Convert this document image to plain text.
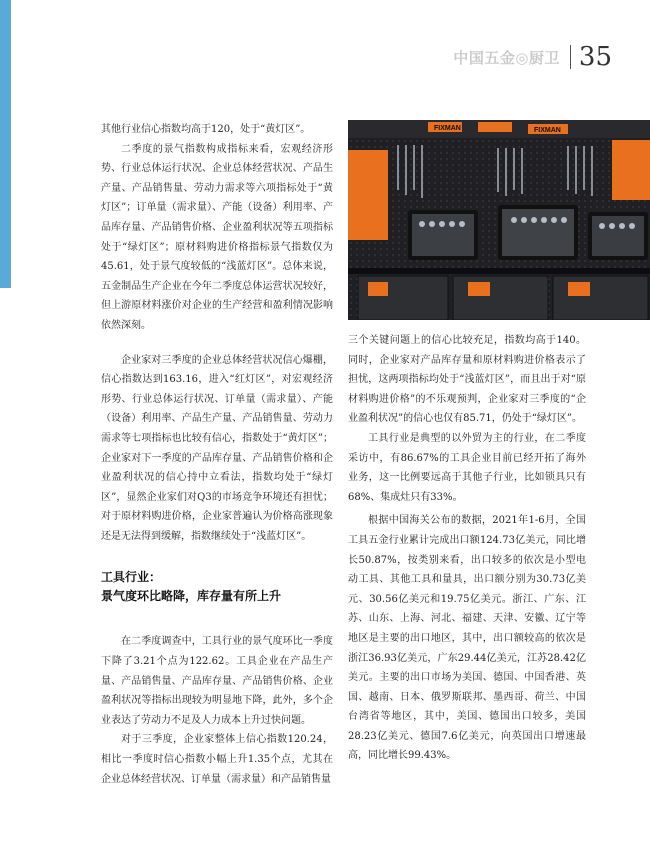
中国五金◎厨卫 35

其他行业信心指数均高于120，处于“黄灯区”。

二季度的景气指数构成指标来看，宏观经济形势、行业总体运行状况、企业总体经营状况、产品生产量、产品销售量、劳动力需求等六项指标处于“黄灯区”；订单量（需求量）、产能（设备）利用率、产品库存量、产品销售价格、企业盈利状况等五项指标处于“绿灯区”；原材料购进价格指标景气指数仅为45.61，处于景气度较低的“浅蓝灯区”。总体来说，五金制品生产企业在今年二季度总体运营状况较好，但上游原材料涨价对企业的生产经营和盈利情况影响依然深刻。

企业家对三季度的企业总体经营状况信心爆棚，信心指数达到163.16，进入“红灯区”，对宏观经济形势、行业总体运行状况、订单量（需求量）、产能（设备）利用率、产品生产量、产品销售量、劳动力需求等七项指标也比较有信心，指数处于“黄灯区”；企业家对下一季度的产品库存量、产品销售价格和企业盈利状况的信心持中立看法，指数均处于“绿灯区”，显然企业家们对Q3的市场竞争环境还有担忧；对于原材料购进价格，企业家普遍认为价格高涨现象还是无法得到缓解，指数继续处于“浅蓝灯区”。

工具行业：
景气度环比略降，库存量有所上升

在二季度调查中，工具行业的景气度环比一季度下降了3.21个点为122.62。工具企业在产品生产量、产品销售量、产品库存量、产品销售价格、企业盈利状况等指标出现较为明显地下降，此外，多个企业表达了劳动力不足及人力成本上升过快问题。

对于三季度，企业家整体上信心指数120.24，相比一季度时信心指数小幅上升1.35个点，尤其在企业总体经营状况、订单量（需求量）和产品销售量

FIXMAN	FIXMAN

三个关键问题上的信心比较充足，指数均高于140。同时，企业家对产品库存量和原材料购进价格表示了担忧，这两项指标均处于“浅蓝灯区”，而且出于对“原材料购进价格”的不乐观预判，企业家对三季度的“企业盈利状况”的信心也仅有85.71，仍处于“绿灯区”。

工具行业是典型的以外贸为主的行业，在二季度采访中，有86.67%的工具企业目前已经开拓了海外业务，这一比例要远高于其他子行业，比如锁具只有68%、集成灶只有33%。

根据中国海关公布的数据，2021年1-6月，全国工具五金行业累计完成出口额124.73亿美元，同比增长50.87%，按类别来看，出口较多的依次是小型电动工具、其他工具和量具，出口额分别为30.73亿美元、30.56亿美元和19.75亿美元。浙江、广东、江苏、山东、上海、河北、福建、天津、安徽、辽宁等地区是主要的出口地区，其中，出口额较高的依次是浙江36.93亿美元，广东29.44亿美元，江苏28.42亿美元。主要的出口市场为美国、德国、中国香港、英国、越南、日本、俄罗斯联邦、墨西哥、荷兰、中国台湾省等地区，其中，美国、德国出口较多，美国28.23亿美元、德国7.6亿美元，向英国出口增速最高，同比增长99.43%。
